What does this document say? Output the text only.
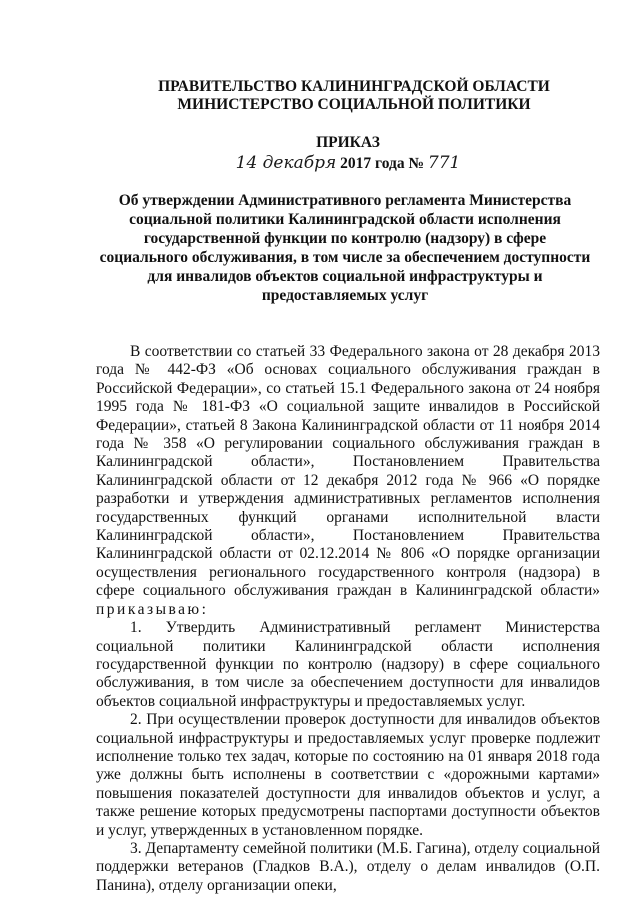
ПРАВИТЕЛЬСТВО КАЛИНИНГРАДСКОЙ ОБЛАСТИ

МИНИСТЕРСТВО СОЦИАЛЬНОЙ ПОЛИТИКИ

ПРИКАЗ
14 декабря 2017 года № 771
Об утверждении Административного регламента Министерства
социальной политики Калининградской области исполнения
государственной функции по контролю (надзору) в сфере
социального обслуживания, в том числе за обеспечением доступности
для инвалидов объектов социальной инфраструктуры и
предоставляемых услуг

В соответствии со статьей 33 Федерального закона от 28 декабря 2013 года № 442-ФЗ «Об основах социального обслуживания граждан в Российской Федерации», со статьей 15.1 Федерального закона от 24 ноября 1995 года № 181-ФЗ «О социальной защите инвалидов в Российской Федерации», статьей 8 Закона Калининградской области от 11 ноября 2014 года № 358 «О регулировании социального обслуживания граждан в Калининградской области», Постановлением Правительства Калининградской области от 12 декабря 2012 года № 966 «О порядке разработки и утверждения административных регламентов исполнения государственных функций органами исполнительной власти Калининградской области», Постановлением Правительства Калининградской области от 02.12.2014 № 806 «О порядке организации осуществления регионального государственного контроля (надзора) в сфере социального обслуживания граждан в Калининградской области» приказываю:

1. Утвердить Административный регламент Министерства социальной политики Калининградской области исполнения государственной функции по контролю (надзору) в сфере социального обслуживания, в том числе за обеспечением доступности для инвалидов объектов социальной инфраструктуры и предоставляемых услуг.

2. При осуществлении проверок доступности для инвалидов объектов социальной инфраструктуры и предоставляемых услуг проверке подлежит исполнение только тех задач, которые по состоянию на 01 января 2018 года уже должны быть исполнены в соответствии с «дорожными картами» повышения показателей доступности для инвалидов объектов и услуг, а также решение которых предусмотрены паспортами доступности объектов и услуг, утвержденных в установленном порядке.

3. Департаменту семейной политики (М.Б. Гагина), отделу социальной поддержки ветеранов (Гладков В.А.), отделу о делам инвалидов (О.П. Панина), отделу организации опеки,
